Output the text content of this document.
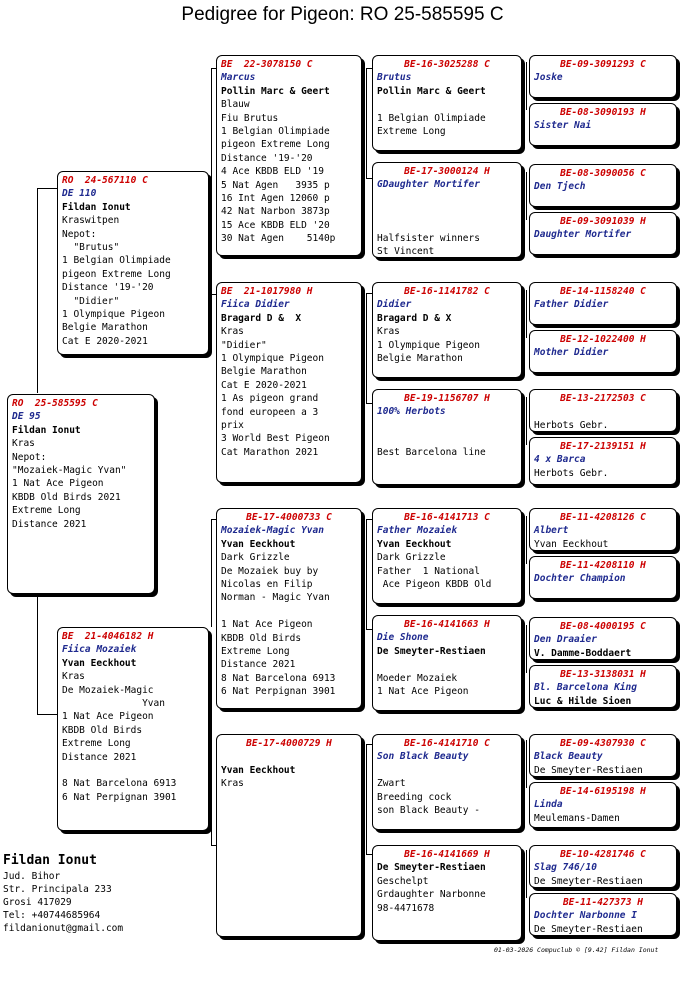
Pedigree for Pigeon: RO 25-585595 C
RO  25-585595 C
DE 95
Fildan Ionut
Kras
Nepot:
"Mozaiek-Magic Yvan"
1 Nat Ace Pigeon
KBDB Old Birds 2021
Extreme Long
Distance 2021
RO  24-567110 C
DE 110
Fildan Ionut
Kraswitpen
Nepot:
"Brutus"
1 Belgian Olimpiade
pigeon Extreme Long
Distance '19-'20
"Didier"
1 Olympique Pigeon
Belgie Marathon
Cat E 2020-2021
BE  21-4046182 H
Fiica Mozaiek
Yvan Eeckhout
Kras
De Mozaiek-Magic
Yvan
1 Nat Ace Pigeon
KBDB Old Birds
Extreme Long
Distance 2021

8 Nat Barcelona 6913
6 Nat Perpignan 3901
BE  22-3078150 C
Marcus
Pollin Marc & Geert
Blauw
Fiu Brutus
1 Belgian Olimpiade
pigeon Extreme Long
Distance '19-'20
4 Ace KBDB ELD '19
5 Nat Agen   3935 p
16 Int Agen 12060 p
42 Nat Narbon 3873p
15 Ace KBDB ELD '20
30 Nat Agen    5140p
BE  21-1017980 H
Fiica Didier
Bragard D &  X
Kras
"Didier"
1 Olympique Pigeon
Belgie Marathon
Cat E 2020-2021
1 As pigeon grand
fond europeen a 3
prix
3 World Best Pigeon
Cat Marathon 2021
BE-17-4000733 C
Mozaiek-Magic Yvan
Yvan Eeckhout
Dark Grizzle
De Mozaiek buy by
Nicolas en Filip
Norman - Magic Yvan

1 Nat Ace Pigeon
KBDB Old Birds
Extreme Long
Distance 2021
8 Nat Barcelona 6913
6 Nat Perpignan 3901
BE-17-4000729 H

Yvan Eeckhout
Kras
BE-16-3025288 C
Brutus
Pollin Marc & Geert

1 Belgian Olimpiade
Extreme Long
BE-17-3000124 H
GDaughter Mortifer

Halfsister winners
St Vincent
BE-16-1141782 C
Didier
Bragard D & X
Kras
1 Olympique Pigeon
Belgie Marathon
BE-19-1156707 H
100% Herbots

Best Barcelona line
BE-16-4141713 C
Father Mozaiek
Yvan Eeckhout
Dark Grizzle
Father  1 National
Ace Pigeon KBDB Old
BE-16-4141663 H
Die Shone
De Smeyter-Restiaen

Moeder Mozaiek
1 Nat Ace Pigeon
BE-16-4141710 C
Son Black Beauty

Zwart
Breeding cock
son Black Beauty -
BE-16-4141669 H
De Smeyter-Restiaen
Geschelpt
Grdaughter Narbonne
98-4471678
BE-09-3091293 C
Joske
BE-08-3090193 H
Sister Nai
BE-08-3090056 C
Den Tjech
BE-09-3091039 H
Daughter Mortifer
BE-14-1158240 C
Father Didier
BE-12-1022400 H
Mother Didier
BE-13-2172503 C

Herbots Gebr.
BE-17-2139151 H
4 x Barca
Herbots Gebr.
BE-11-4208126 C
Albert
Yvan Eeckhout
BE-11-4208110 H
Dochter Champion
BE-08-4000195 C
Den Draaier
V. Damme-Boddaert
BE-13-3138031 H
Bl. Barcelona King
Luc & Hilde Sioen
BE-09-4307930 C
Black Beauty
De Smeyter-Restiaen
BE-14-6195198 H
Linda
Meulemans-Damen
BE-10-4281746 C
Slag 746/10
De Smeyter-Restiaen
BE-11-427373 H
Dochter Narbonne I
De Smeyter-Restiaen
Fildan Ionut
Jud. Bihor
Str. Principala 233
Grosi 417029
Tel: +40744685964
fildanionut@gmail.com
01-03-2026 Compuclub © [9.42] Fildan Ionut
